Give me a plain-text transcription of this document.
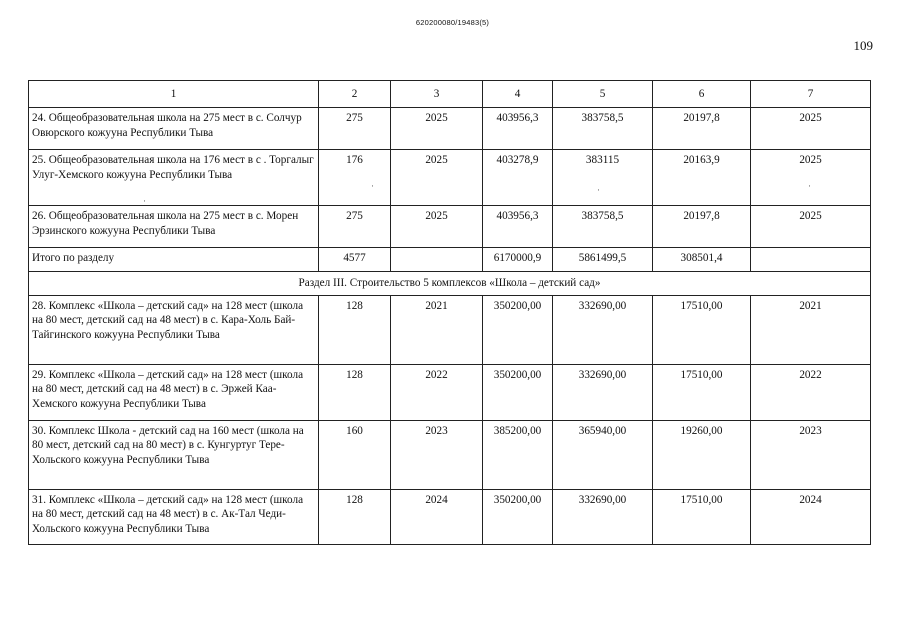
620200080/19483(5)
109
1	2	3	4	5	6	7
24. Общеобразовательная школа на 275 мест в с. Солчур Овюрского кожууна Республики Тыва	275	2025	403956,3	383758,5	20197,8	2025
25. Общеобразовательная школа на 176 мест в с . Торгалыг Улуг-Хемского кожууна Республики Тыва	176	2025	403278,9	383115	20163,9	2025
26. Общеобразовательная школа на 275 мест в с. Морен Эрзинского кожууна Республики Тыва	275	2025	403956,3	383758,5	20197,8	2025
Итого по разделу	4577		6170000,9	5861499,5	308501,4	
Раздел III. Строительство 5 комплексов «Школа – детский сад»						
28. Комплекс «Школа – детский сад» на 128 мест (школа на 80 мест, детский сад на 48 мест) в с. Кара-Холь Бай-Тайгинского кожууна Республики Тыва	128	2021	350200,00	332690,00	17510,00	2021
29. Комплекс «Школа – детский сад» на 128 мест (школа на 80 мест, детский сад на 48 мест) в с. Эржей Каа-Хемского кожууна Республики Тыва	128	2022	350200,00	332690,00	17510,00	2022
30. Комплекс Школа - детский сад на 160 мест (школа на 80 мест, детский сад на 80 мест) в с. Кунгуртуг Тере-Хольского кожууна Республики Тыва	160	2023	385200,00	365940,00	19260,00	2023
31. Комплекс «Школа – детский сад» на 128 мест (школа на 80 мест, детский сад на 48 мест) в с. Ак-Тал Чеди-Хольского кожууна Республики Тыва	128	2024	350200,00	332690,00	17510,00	2024
·	·	·
·
